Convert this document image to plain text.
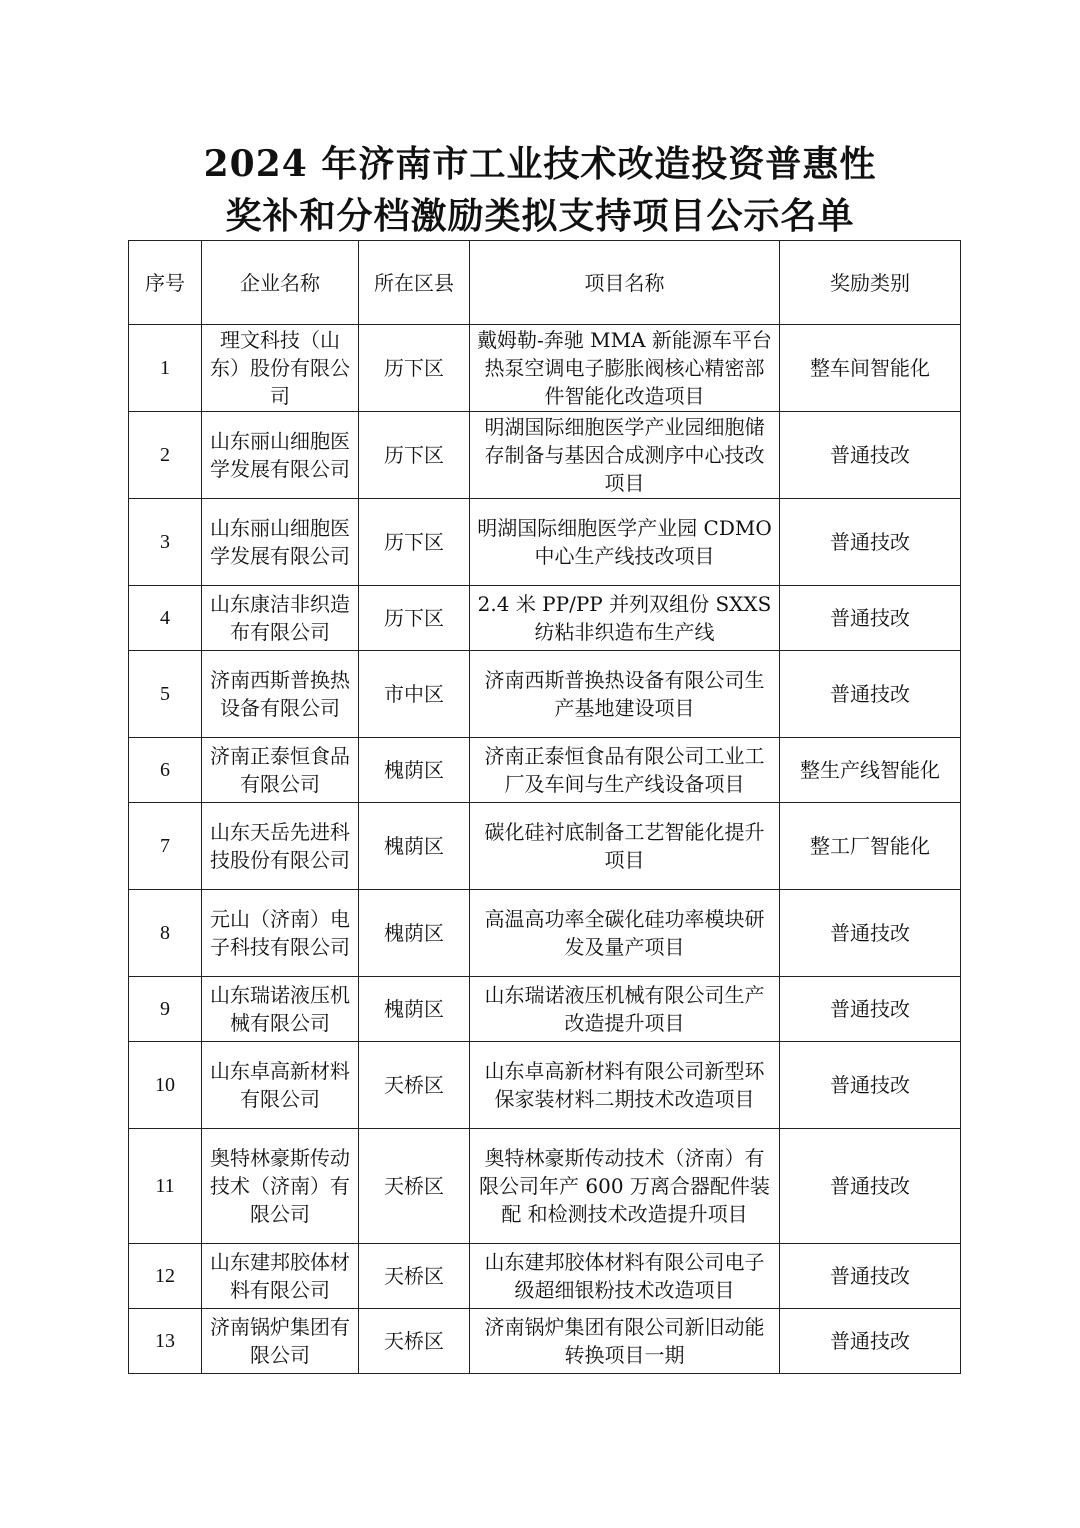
2024 年济南市工业技术改造投资普惠性
奖补和分档激励类拟支持项目公示名单
序号	企业名称	所在区县	项目名称	奖励类别
1	理文科技（山东）股份有限公司	历下区	戴姆勒-奔驰 MMA 新能源车平台热泵空调电子膨胀阀核心精密部件智能化改造项目	整车间智能化
2	山东丽山细胞医学发展有限公司	历下区	明湖国际细胞医学产业园细胞储存制备与基因合成测序中心技改项目	普通技改
3	山东丽山细胞医学发展有限公司	历下区	明湖国际细胞医学产业园 CDMO 中心生产线技改项目	普通技改
4	山东康洁非织造布有限公司	历下区	2.4 米 PP/PP 并列双组份 SXXS 纺粘非织造布生产线	普通技改
5	济南西斯普换热设备有限公司	市中区	济南西斯普换热设备有限公司生产基地建设项目	普通技改
6	济南正泰恒食品有限公司	槐荫区	济南正泰恒食品有限公司工业工厂及车间与生产线设备项目	整生产线智能化
7	山东天岳先进科技股份有限公司	槐荫区	碳化硅衬底制备工艺智能化提升项目	整工厂智能化
8	元山（济南）电子科技有限公司	槐荫区	高温高功率全碳化硅功率模块研发及量产项目	普通技改
9	山东瑞诺液压机械有限公司	槐荫区	山东瑞诺液压机械有限公司生产改造提升项目	普通技改
10	山东卓高新材料有限公司	天桥区	山东卓高新材料有限公司新型环保家装材料二期技术改造项目	普通技改
11	奥特林豪斯传动技术（济南）有限公司	天桥区	奥特林豪斯传动技术（济南）有限公司年产 600 万离合器配件装配 和检测技术改造提升项目	普通技改
12	山东建邦胶体材料有限公司	天桥区	山东建邦胶体材料有限公司电子级超细银粉技术改造项目	普通技改
13	济南锅炉集团有限公司	天桥区	济南锅炉集团有限公司新旧动能转换项目一期	普通技改
